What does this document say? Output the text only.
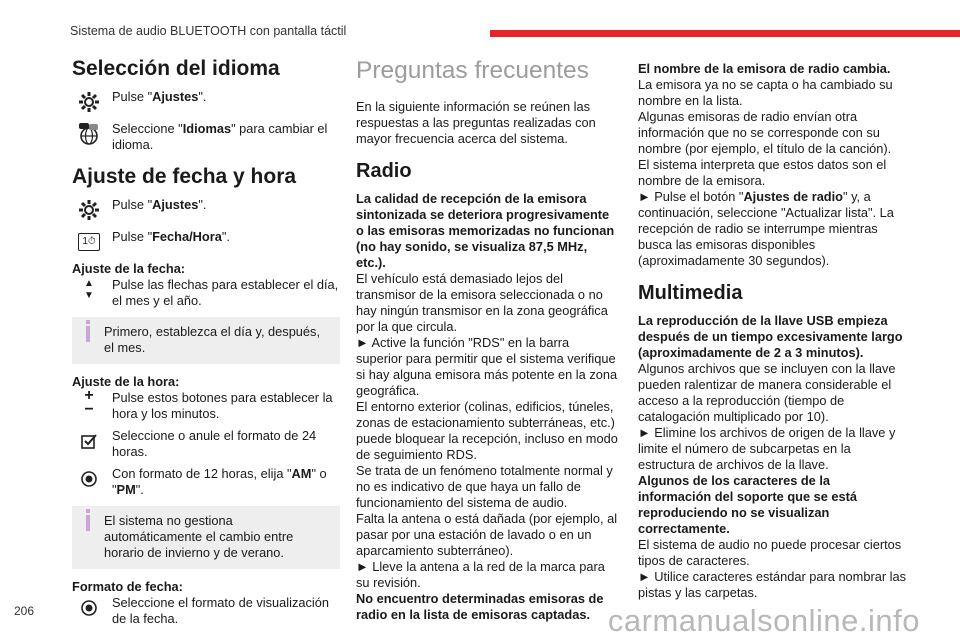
Sistema de audio BLUETOOTH con pantalla táctil
Selección del idioma
Pulse "Ajustes".
Seleccione "Idiomas" para cambiar el idioma.
Ajuste de fecha y hora
Pulse "Ajustes".
1⏱	Pulse "Fecha/Hora".

Ajuste de la fecha:

▲
▼
Pulse las flechas para establecer el día, el mes y el año.
Primero, establezca el día y, después, el mes.

Ajuste de la hora:

+
−
Pulse estos botones para establecer la hora y los minutos.
Seleccione o anule el formato de 24 horas.
Con formato de 12 horas, elija "AM" o "PM".
El sistema no gestiona automáticamente el cambio entre horario de invierno y de verano.

Formato de fecha:

Seleccione el formato de visualización de la fecha.
Preguntas frecuentes

En la siguiente información se reúnen las respuestas a las preguntas realizadas con mayor frecuencia acerca del sistema.

Radio

La calidad de recepción de la emisora sintonizada se deteriora progresivamente o las emisoras memorizadas no funcionan (no hay sonido, se visualiza 87,5 MHz, etc.).

El vehículo está demasiado lejos del transmisor de la emisora seleccionada o no hay ningún transmisor en la zona geográfica por la que circula.

► Active la función "RDS" en la barra superior para permitir que el sistema verifique si hay alguna emisora más potente en la zona geográfica.

El entorno exterior (colinas, edificios, túneles, zonas de estacionamiento subterráneas, etc.) puede bloquear la recepción, incluso en modo de seguimiento RDS.

Se trata de un fenómeno totalmente normal y no es indicativo de que haya un fallo de funcionamiento del sistema de audio.

Falta la antena o está dañada (por ejemplo, al pasar por una estación de lavado o en un aparcamiento subterráneo).

► Lleve la antena a la red de la marca para su revisión.

No encuentro determinadas emisoras de radio en la lista de emisoras captadas.

El nombre de la emisora de radio cambia.

La emisora ya no se capta o ha cambiado su nombre en la lista.

Algunas emisoras de radio envían otra información que no se corresponde con su nombre (por ejemplo, el título de la canción).

El sistema interpreta que estos datos son el nombre de la emisora.

► Pulse el botón "Ajustes de radio" y, a continuación, seleccione "Actualizar lista". La recepción de radio se interrumpe mientras busca las emisoras disponibles (aproximadamente 30 segundos).

Multimedia

La reproducción de la llave USB empieza después de un tiempo excesivamente largo (aproximadamente de 2 a 3 minutos).

Algunos archivos que se incluyen con la llave pueden ralentizar de manera considerable el acceso a la reproducción (tiempo de catalogación multiplicado por 10).

► Elimine los archivos de origen de la llave y limite el número de subcarpetas en la estructura de archivos de la llave.

Algunos de los caracteres de la información del soporte que se está reproduciendo no se visualizan correctamente.

El sistema de audio no puede procesar ciertos tipos de caracteres.

► Utilice caracteres estándar para nombrar las pistas y las carpetas.

206	carmanualsonline.info
